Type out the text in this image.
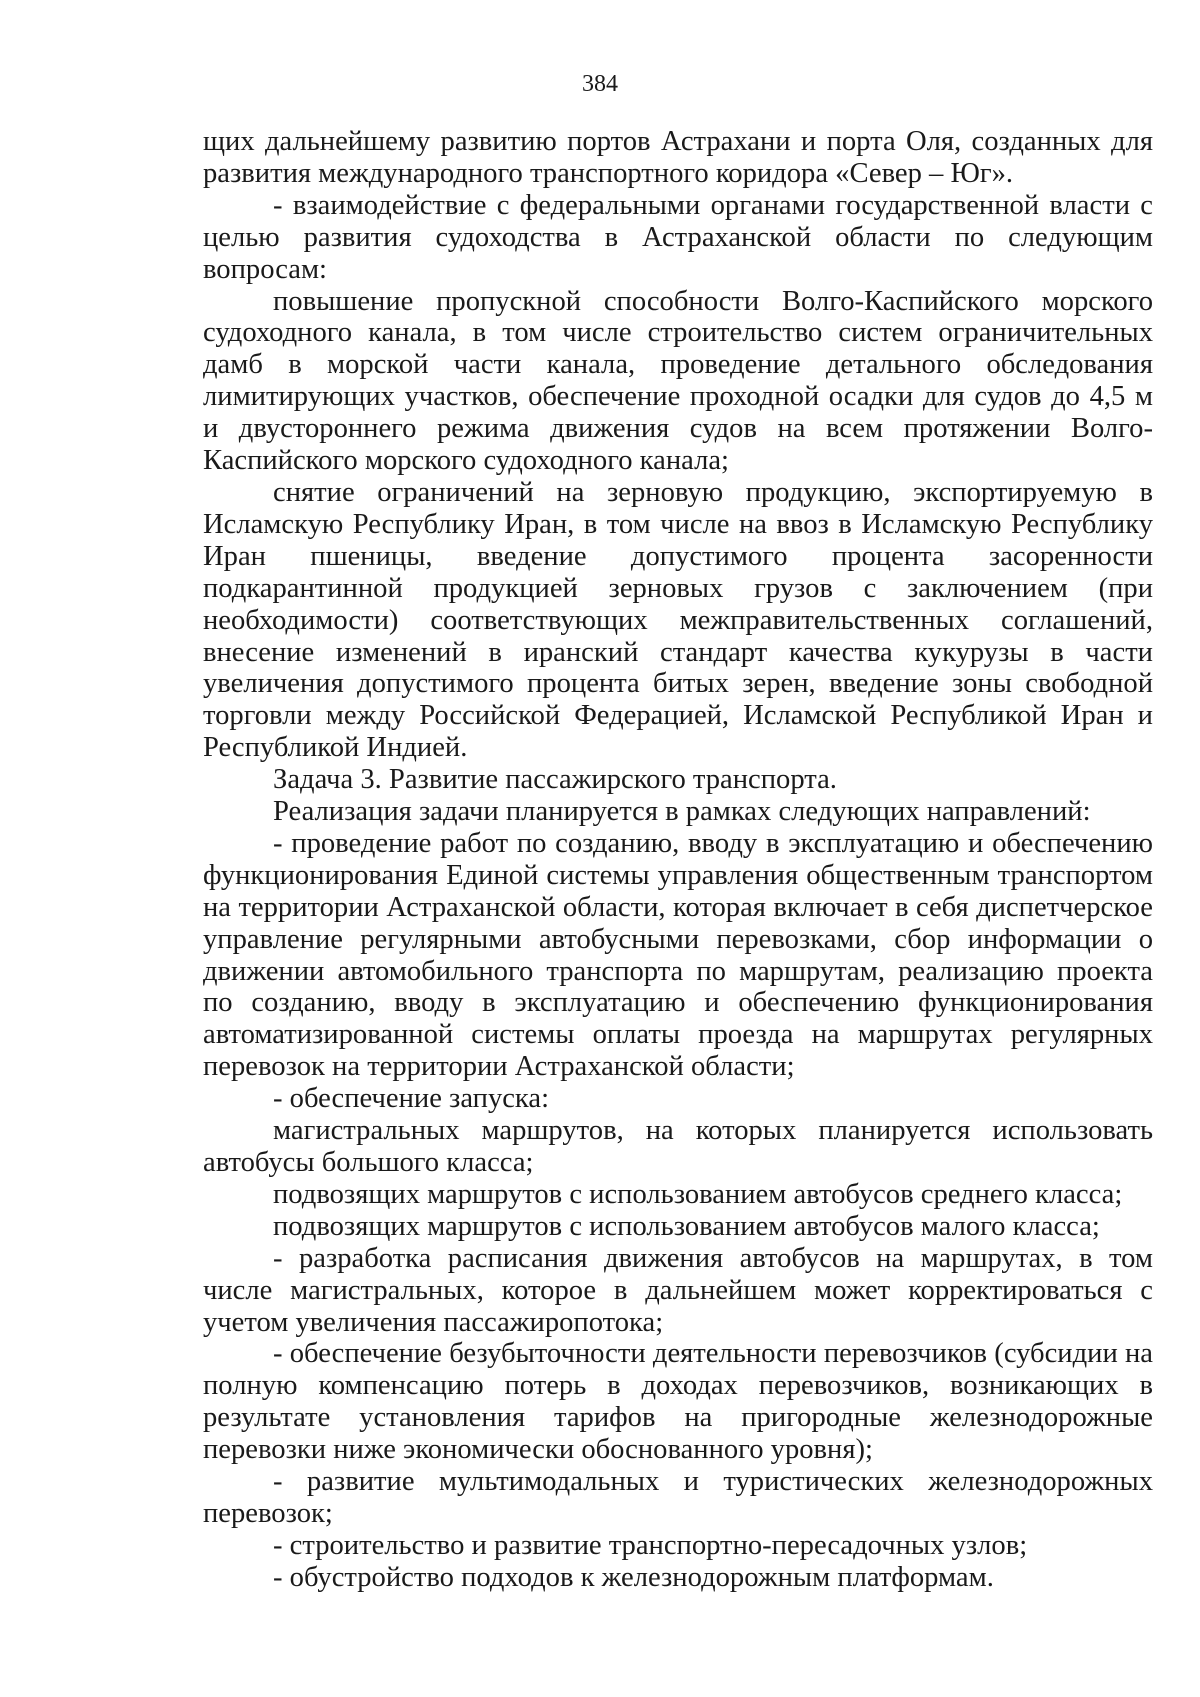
384

щих дальнейшему развитию портов Астрахани и порта Оля, созданных для развития международного транспортного коридора «Север – Юг».

- взаимодействие с федеральными органами государственной власти с целью развития судоходства в Астраханской области по следующим вопросам:

повышение пропускной способности Волго-Каспийского морского судоходного канала, в том числе строительство систем ограничительных дамб в морской части канала, проведение детального обследования лимитирующих участков, обеспечение проходной осадки для судов до 4,5 м и двустороннего режима движения судов на всем протяжении Волго-Каспийского морского судоходного канала;

снятие ограничений на зерновую продукцию, экспортируемую в Исламскую Республику Иран, в том числе на ввоз в Исламскую Республику Иран пшеницы, введение допустимого процента засоренности подкарантинной продукцией зерновых грузов с заключением (при необходимости) соответствующих межправительственных соглашений, внесение изменений в иранский стандарт качества кукурузы в части увеличения допустимого процента битых зерен, введение зоны свободной торговли между Российской Федерацией, Исламской Республикой Иран и Республикой Индией.

Задача 3. Развитие пассажирского транспорта.

Реализация задачи планируется в рамках следующих направлений:

- проведение работ по созданию, вводу в эксплуатацию и обеспечению функционирования Единой системы управления общественным транспортом на территории Астраханской области, которая включает в себя диспетчерское управление регулярными автобусными перевозками, сбор информации о движении автомобильного транспорта по маршрутам, реализацию проекта по созданию, вводу в эксплуатацию и обеспечению функционирования автоматизированной системы оплаты проезда на маршрутах регулярных перевозок на территории Астраханской области;

- обеспечение запуска:

магистральных маршрутов, на которых планируется использовать автобусы большого класса;

подвозящих маршрутов с использованием автобусов среднего класса;

подвозящих маршрутов с использованием автобусов малого класса;

- разработка расписания движения автобусов на маршрутах, в том числе магистральных, которое в дальнейшем может корректироваться с учетом увеличения пассажиропотока;

- обеспечение безубыточности деятельности перевозчиков (субсидии на полную компенсацию потерь в доходах перевозчиков, возникающих в результате установления тарифов на пригородные железнодорожные перевозки ниже экономически обоснованного уровня);

- развитие мультимодальных и туристических железнодорожных перевозок;

- строительство и развитие транспортно-пересадочных узлов;

- обустройство подходов к железнодорожным платформам.
